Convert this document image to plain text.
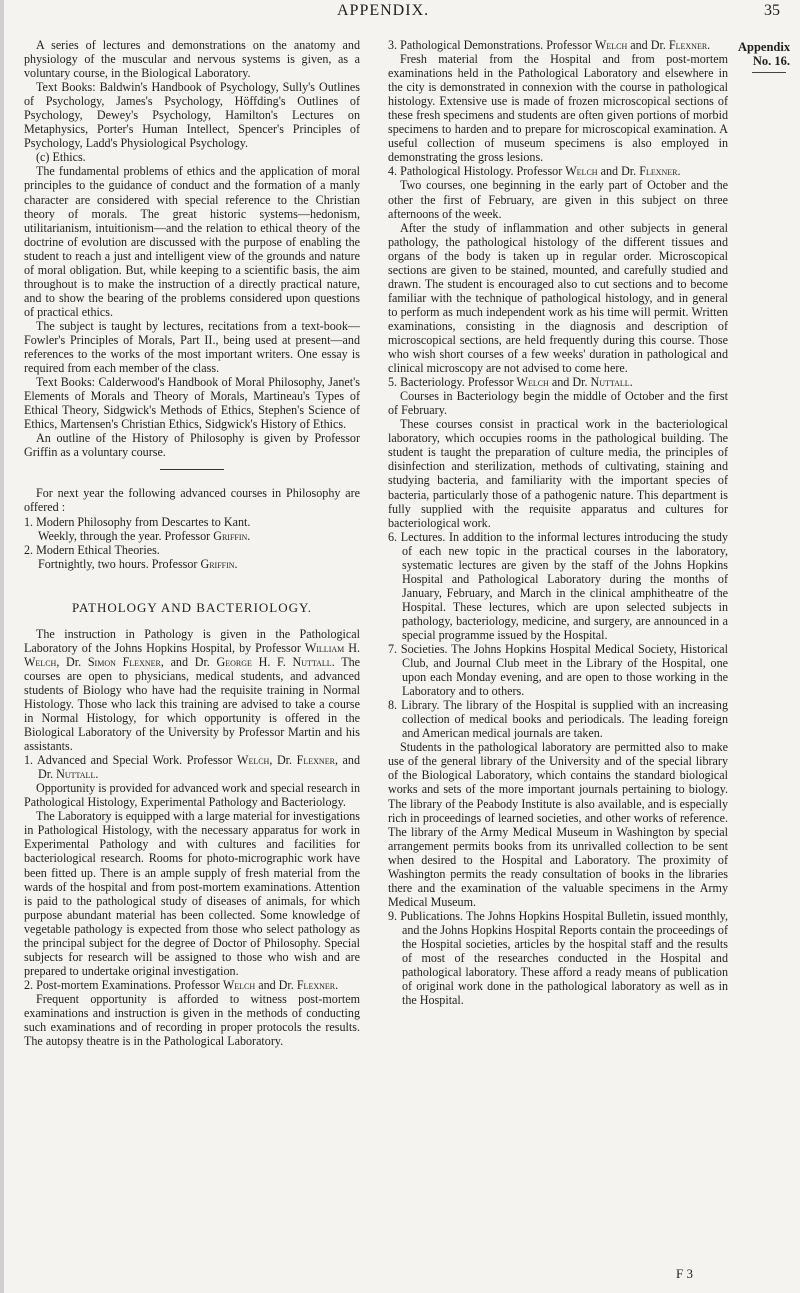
APPENDIX.	35
Appendix
No. 16.

A series of lectures and demonstrations on the anatomy and physiology of the muscular and nervous systems is given, as a voluntary course, in the Biological Laboratory.

Text Books: Baldwin's Handbook of Psychology, Sully's Outlines of Psychology, James's Psychology, Höffding's Outlines of Psychology, Dewey's Psychology, Hamilton's Lectures on Metaphysics, Porter's Human Intellect, Spencer's Principles of Psychology, Ladd's Physiological Psychology.

(c) Ethics.

The fundamental problems of ethics and the application of moral principles to the guidance of conduct and the formation of a manly character are considered with special reference to the Christian theory of morals. The great historic systems—hedonism, utilitarianism, intuitionism—and the relation to ethical theory of the doctrine of evolution are discussed with the purpose of enabling the student to reach a just and intelligent view of the grounds and nature of moral obligation. But, while keeping to a scientific basis, the aim throughout is to make the instruction of a directly practical nature, and to show the bearing of the problems considered upon questions of practical ethics.

The subject is taught by lectures, recitations from a text-book—Fowler's Principles of Morals, Part II., being used at present—and references to the works of the most important writers. One essay is required from each member of the class.

Text Books: Calderwood's Handbook of Moral Philosophy, Janet's Elements of Morals and Theory of Morals, Martineau's Types of Ethical Theory, Sidgwick's Methods of Ethics, Stephen's Science of Ethics, Martensen's Christian Ethics, Sidgwick's History of Ethics.

An outline of the History of Philosophy is given by Professor Griffin as a voluntary course.

For next year the following advanced courses in Philosophy are offered :

1. Modern Philosophy from Descartes to Kant.

Weekly, through the year. Professor Griffin.

2. Modern Ethical Theories.

Fortnightly, two hours. Professor Griffin.

PATHOLOGY AND BACTERIOLOGY.

The instruction in Pathology is given in the Pathological Laboratory of the Johns Hopkins Hospital, by Professor William H. Welch, Dr. Simon Flexner, and Dr. George H. F. Nuttall. The courses are open to physicians, medical students, and advanced students of Biology who have had the requisite training in Normal Histology. Those who lack this training are advised to take a course in Normal Histology, for which opportunity is offered in the Biological Laboratory of the University by Professor Martin and his assistants.

1. Advanced and Special Work. Professor Welch, Dr. Flexner, and Dr. Nuttall.

Opportunity is provided for advanced work and special research in Pathological Histology, Experimental Pathology and Bacteriology.

The Laboratory is equipped with a large material for investigations in Pathological Histology, with the necessary apparatus for work in Experimental Pathology and with cultures and facilities for bacteriological research. Rooms for photo-micrographic work have been fitted up. There is an ample supply of fresh material from the wards of the hospital and from post-mortem examinations. Attention is paid to the pathological study of diseases of animals, for which purpose abundant material has been collected. Some knowledge of vegetable pathology is expected from those who select pathology as the principal subject for the degree of Doctor of Philosophy. Special subjects for research will be assigned to those who wish and are prepared to undertake original investigation.

2. Post-mortem Examinations. Professor Welch and Dr. Flexner.

Frequent opportunity is afforded to witness post-mortem examinations and instruction is given in the methods of conducting such examinations and of recording in proper protocols the results. The autopsy theatre is in the Pathological Laboratory.

3. Pathological Demonstrations. Professor Welch and Dr. Flexner.

Fresh material from the Hospital and from post-mortem examinations held in the Pathological Laboratory and elsewhere in the city is demonstrated in connexion with the course in pathological histology. Extensive use is made of frozen microscopical sections of these fresh specimens and students are often given portions of morbid specimens to harden and to prepare for microscopical examination. A useful collection of museum specimens is also employed in demonstrating the gross lesions.

4. Pathological Histology. Professor Welch and Dr. Flexner.

Two courses, one beginning in the early part of October and the other the first of February, are given in this subject on three afternoons of the week.

After the study of inflammation and other subjects in general pathology, the pathological histology of the different tissues and organs of the body is taken up in regular order. Microscopical sections are given to be stained, mounted, and carefully studied and drawn. The student is encouraged also to cut sections and to become familiar with the technique of pathological histology, and in general to perform as much independent work as his time will permit. Written examinations, consisting in the diagnosis and description of microscopical sections, are held frequently during this course. Those who wish short courses of a few weeks' duration in pathological and clinical microscopy are not advised to come here.

5. Bacteriology. Professor Welch and Dr. Nuttall.

Courses in Bacteriology begin the middle of October and the first of February.

These courses consist in practical work in the bacteriological laboratory, which occupies rooms in the pathological building. The student is taught the preparation of culture media, the principles of disinfection and sterilization, methods of cultivating, staining and studying bacteria, and familiarity with the important species of bacteria, particularly those of a pathogenic nature. This department is fully supplied with the requisite apparatus and cultures for bacteriological work.

6. Lectures. In addition to the informal lectures introducing the study of each new topic in the practical courses in the laboratory, systematic lectures are given by the staff of the Johns Hopkins Hospital and Pathological Laboratory during the months of January, February, and March in the clinical amphitheatre of the Hospital. These lectures, which are upon selected subjects in pathology, bacteriology, medicine, and surgery, are announced in a special programme issued by the Hospital.

7. Societies. The Johns Hopkins Hospital Medical Society, Historical Club, and Journal Club meet in the Library of the Hospital, one upon each Monday evening, and are open to those working in the Laboratory and to others.

8. Library. The library of the Hospital is supplied with an increasing collection of medical books and periodicals. The leading foreign and American medical journals are taken.

Students in the pathological laboratory are permitted also to make use of the general library of the University and of the special library of the Biological Laboratory, which contains the standard biological works and sets of the more important journals pertaining to biology. The library of the Peabody Institute is also available, and is especially rich in proceedings of learned societies, and other works of reference. The library of the Army Medical Museum in Washington by special arrangement permits books from its unrivalled collection to be sent when desired to the Hospital and Laboratory. The proximity of Washington permits the ready consultation of books in the libraries there and the examination of the valuable specimens in the Army Medical Museum.

9. Publications. The Johns Hopkins Hospital Bulletin, issued monthly, and the Johns Hopkins Hospital Reports contain the proceedings of the Hospital societies, articles by the hospital staff and the results of most of the researches conducted in the Hospital and pathological laboratory. These afford a ready means of publication of original work done in the pathological laboratory as well as in the Hospital.

F 3
